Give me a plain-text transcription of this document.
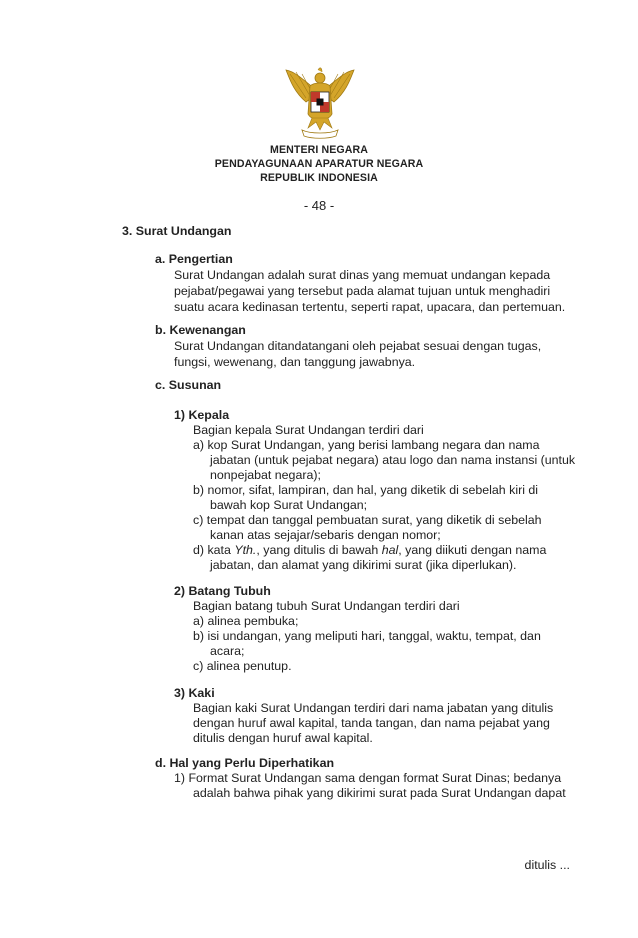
MENTERI NEGARA
PENDAYAGUNAAN APARATUR NEGARA
REPUBLIK INDONESIA
- 48 -
3. Surat Undangan
a. Pengertian
Surat Undangan adalah surat dinas yang memuat undangan kepada
pejabat/pegawai yang tersebut pada alamat tujuan untuk menghadiri
suatu acara kedinasan tertentu, seperti rapat, upacara, dan pertemuan.
b. Kewenangan
Surat Undangan ditandatangani oleh pejabat sesuai dengan tugas,
fungsi, wewenang, dan tanggung jawabnya.
c. Susunan
1) Kepala
Bagian kepala Surat Undangan terdiri dari
a) kop Surat Undangan, yang berisi lambang negara dan nama
jabatan (untuk pejabat negara) atau logo dan nama instansi (untuk
nonpejabat negara);
b) nomor, sifat, lampiran, dan hal, yang diketik di sebelah kiri di
bawah kop Surat Undangan;
c) tempat dan tanggal pembuatan surat, yang diketik di sebelah
kanan atas sejajar/sebaris dengan nomor;
d) kata Yth., yang ditulis di bawah hal, yang diikuti dengan nama
jabatan, dan alamat yang dikirimi surat (jika diperlukan).
2) Batang Tubuh
Bagian batang tubuh Surat Undangan terdiri dari
a) alinea pembuka;
b) isi undangan, yang meliputi hari, tanggal, waktu, tempat, dan
acara;
c) alinea penutup.
3) Kaki
Bagian kaki Surat Undangan terdiri dari nama jabatan yang ditulis
dengan huruf awal kapital, tanda tangan, dan nama pejabat yang
ditulis dengan huruf awal kapital.
d. Hal yang Perlu Diperhatikan
1) Format Surat Undangan sama dengan format Surat Dinas; bedanya
adalah bahwa pihak yang dikirimi surat pada Surat Undangan dapat
ditulis ...
